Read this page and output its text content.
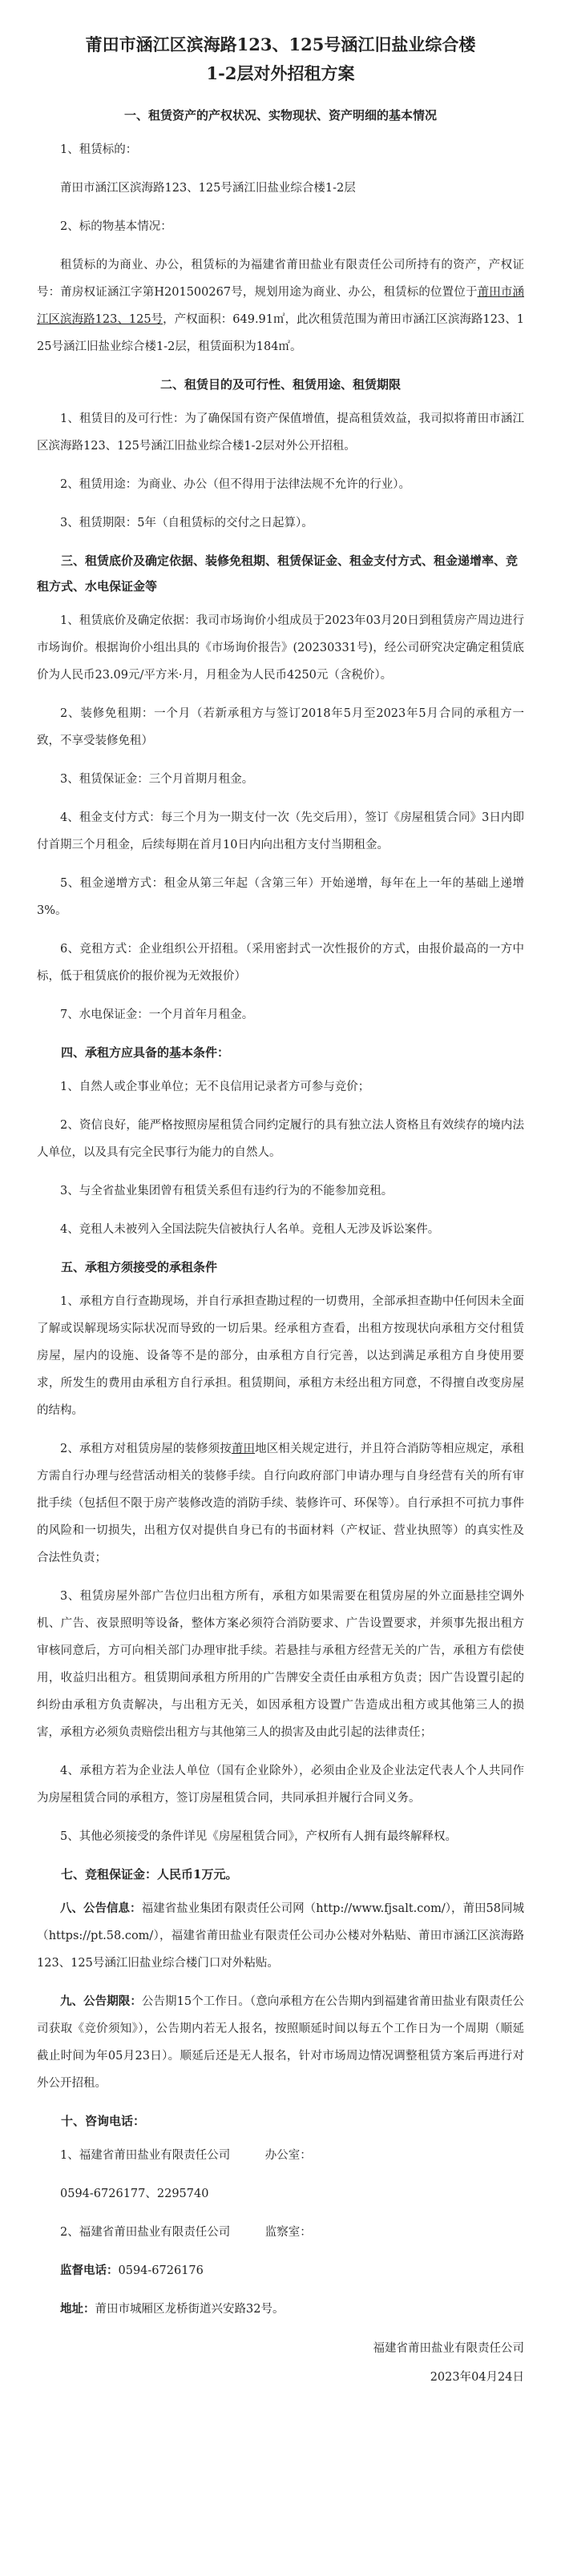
莆田市涵江区滨海路123、125号涵江旧盐业综合楼
1-2层对外招租方案
一、租赁资产的产权状况、实物现状、资产明细的基本情况

1、租赁标的：

莆田市涵江区滨海路123、125号涵江旧盐业综合楼1-2层

2、标的物基本情况：

租赁标的为商业、办公，租赁标的为福建省莆田盐业有限责任公司所持有的资产，产权证号：莆房权证涵江字第H201500267号，规划用途为商业、办公，租赁标的位置位于莆田市涵江区滨海路123、125号，产权面积：649.91㎡，此次租赁范围为莆田市涵江区滨海路123、125号涵江旧盐业综合楼1-2层，租赁面积为184㎡。

二、租赁目的及可行性、租赁用途、租赁期限

1、租赁目的及可行性：为了确保国有资产保值增值，提高租赁效益，我司拟将莆田市涵江区滨海路123、125号涵江旧盐业综合楼1-2层对外公开招租。

2、租赁用途：为商业、办公（但不得用于法律法规不允许的行业）。

3、租赁期限：5年（自租赁标的交付之日起算）。

三、租赁底价及确定依据、装修免租期、租赁保证金、租金支付方式、租金递增率、竞租方式、水电保证金等

1、租赁底价及确定依据：我司市场询价小组成员于2023年03月20日到租赁房产周边进行市场询价。根据询价小组出具的《市场询价报告》(20230331号)，经公司研究决定确定租赁底价为人民币23.09元/平方米·月，月租金为人民币4250元（含税价）。

2、装修免租期：一个月（若新承租方与签订2018年5月至2023年5月合同的承租方一致，不享受装修免租）

3、租赁保证金：三个月首期月租金。

4、租金支付方式：每三个月为一期支付一次（先交后用），签订《房屋租赁合同》3日内即付首期三个月租金，后续每期在首月10日内向出租方支付当期租金。

5、租金递增方式：租金从第三年起（含第三年）开始递增，每年在上一年的基础上递增3%。

6、竞租方式：企业组织公开招租。（采用密封式一次性报价的方式，由报价最高的一方中标，低于租赁底价的报价视为无效报价）

7、水电保证金：一个月首年月租金。

四、承租方应具备的基本条件：

1、自然人或企事业单位；无不良信用记录者方可参与竞价；

2、资信良好，能严格按照房屋租赁合同约定履行的具有独立法人资格且有效续存的境内法人单位，以及具有完全民事行为能力的自然人。

3、与全省盐业集团曾有租赁关系但有违约行为的不能参加竞租。

4、竞租人未被列入全国法院失信被执行人名单。竞租人无涉及诉讼案件。

五、承租方须接受的承租条件

1、承租方自行查勘现场，并自行承担查勘过程的一切费用，全部承担查勘中任何因未全面了解或误解现场实际状况而导致的一切后果。经承租方查看，出租方按现状向承租方交付租赁房屋，屋内的设施、设备等不是的部分，由承租方自行完善，以达到满足承租方自身使用要求，所发生的费用由承租方自行承担。租赁期间，承租方未经出租方同意，不得擅自改变房屋的结构。

2、承租方对租赁房屋的装修须按莆田地区相关规定进行，并且符合消防等相应规定，承租方需自行办理与经营活动相关的装修手续。自行向政府部门申请办理与自身经营有关的所有审批手续（包括但不限于房产装修改造的消防手续、装修许可、环保等）。自行承担不可抗力事件的风险和一切损失，出租方仅对提供自身已有的书面材料（产权证、营业执照等）的真实性及合法性负责；

3、租赁房屋外部广告位归出租方所有，承租方如果需要在租赁房屋的外立面悬挂空调外机、广告、夜景照明等设备，整体方案必须符合消防要求、广告设置要求，并须事先报出租方审核同意后，方可向相关部门办理审批手续。若悬挂与承租方经营无关的广告，承租方有偿使用，收益归出租方。租赁期间承租方所用的广告牌安全责任由承租方负责；因广告设置引起的纠纷由承租方负责解决，与出租方无关，如因承租方设置广告造成出租方或其他第三人的损害，承租方必须负责赔偿出租方与其他第三人的损害及由此引起的法律责任；

4、承租方若为企业法人单位（国有企业除外），必须由企业及企业法定代表人个人共同作为房屋租赁合同的承租方，签订房屋租赁合同，共同承担并履行合同义务。

5、其他必须接受的条件详见《房屋租赁合同》，产权所有人拥有最终解释权。

七、竞租保证金：人民币1万元。

八、公告信息：福建省盐业集团有限责任公司网（http://www.fjsalt.com/），莆田58同城（https://pt.58.com/），福建省莆田盐业有限责任公司办公楼对外粘贴、莆田市涵江区滨海路123、125号涵江旧盐业综合楼门口对外粘贴。

九、公告期限：公告期15个工作日。（意向承租方在公告期内到福建省莆田盐业有限责任公司获取《竞价须知》），公告期内若无人报名，按照顺延时间以每五个工作日为一个周期（顺延截止时间为年05月23日）。顺延后还是无人报名，针对市场周边情况调整租赁方案后再进行对外公开招租。

十、咨询电话：

1、福建省莆田盐业有限责任公司　　　	办公室：

0594-6726177、2295740

2、福建省莆田盐业有限责任公司　　　	监察室：

监督电话：0594-6726176

地址：莆田市城厢区龙桥街道兴安路32号。

福建省莆田盐业有限责任公司
2023年04月24日
